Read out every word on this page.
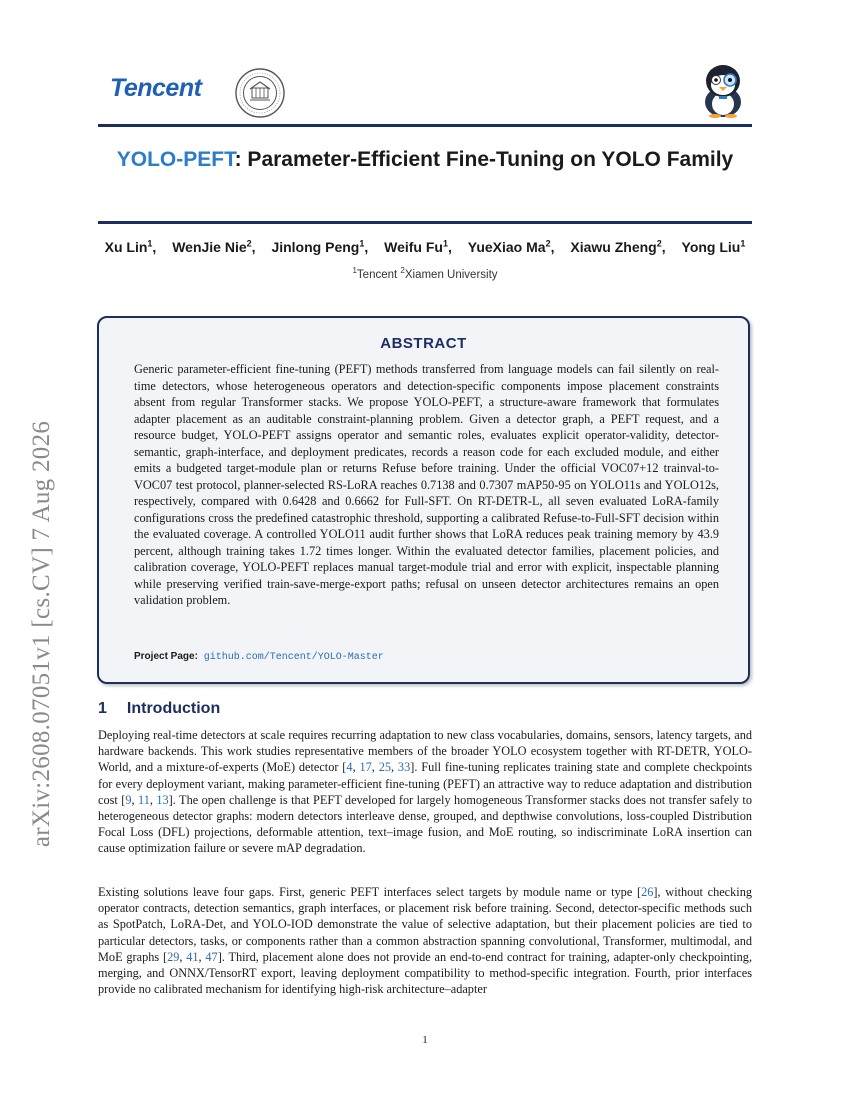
Tencent
YOLO-PEFT: Parameter-Efficient Fine-Tuning on YOLO Family
Xu Lin$^1$, WenJie Nie$^2$, Jinlong Peng$^1$, Weifu Fu$^1$, YueXiao Ma$^2$, Xiawu Zheng$^2$, Yong Liu$^1$
$^1$Tencent $^2$Xiamen University
ABSTRACT
Generic parameter-efficient fine-tuning (PEFT) methods transferred from language models can fail silently on real-time detectors, whose heterogeneous operators and detection-specific components impose placement constraints absent from regular Transformer stacks. We propose YOLO-PEFT, a structure-aware framework that formulates adapter placement as an auditable constraint-planning problem. Given a detector graph, a PEFT request, and a resource budget, YOLO-PEFT assigns operator and semantic roles, evaluates explicit operator-validity, detector-semantic, graph-interface, and deployment predicates, records a reason code for each excluded module, and either emits a budgeted target-module plan or returns Refuse before training. Under the official VOC07+12 trainval-to-VOC07 test protocol, planner-selected RS-LoRA reaches 0.7138 and 0.7307 mAP50-95 on YOLO11s and YOLO12s, respectively, compared with 0.6428 and 0.6662 for Full-SFT. On RT-DETR-L, all seven evaluated LoRA-family configurations cross the predefined catastrophic threshold, supporting a calibrated Refuse-to-Full-SFT decision within the evaluated coverage. A controlled YOLO11 audit further shows that LoRA reduces peak training memory by 43.9 percent, although training takes 1.72 times longer. Within the evaluated detector families, placement policies, and calibration coverage, YOLO-PEFT replaces manual target-module trial and error with explicit, inspectable planning while preserving verified train-save-merge-export paths; refusal on unseen detector architectures remains an open validation problem.
Project Page: github.com/Tencent/YOLO-Master
arXiv:2608.07051v1 [cs.CV] 7 Aug 2026	1 Introduction
Deploying real-time detectors at scale requires recurring adaptation to new class vocabularies, domains, sensors, latency targets, and hardware backends. This work studies representative members of the broader YOLO ecosystem together with RT-DETR, YOLO-World, and a mixture-of-experts (MoE) detector [4, 17, 25, 33]. Full fine-tuning replicates training state and complete checkpoints for every deployment variant, making parameter-efficient fine-tuning (PEFT) an attractive way to reduce adaptation and distribution cost [9, 11, 13]. The open challenge is that PEFT developed for largely homogeneous Transformer stacks does not transfer safely to heterogeneous detector graphs: modern detectors interleave dense, grouped, and depthwise convolutions, loss-coupled Distribution Focal Loss (DFL) projections, deformable attention, text–image fusion, and MoE routing, so indiscriminate LoRA insertion can cause optimization failure or severe mAP degradation.
Existing solutions leave four gaps. First, generic PEFT interfaces select targets by module name or type [26], without checking operator contracts, detection semantics, graph interfaces, or placement risk before training. Second, detector-specific methods such as SpotPatch, LoRA-Det, and YOLO-IOD demonstrate the value of selective adaptation, but their placement policies are tied to particular detectors, tasks, or components rather than a common abstraction spanning convolutional, Transformer, multimodal, and MoE graphs [29, 41, 47]. Third, placement alone does not provide an end-to-end contract for training, adapter-only checkpointing, merging, and ONNX/TensorRT export, leaving deployment compatibility to method-specific integration. Fourth, prior interfaces provide no calibrated mechanism for identifying high-risk architecture–adapter
1
